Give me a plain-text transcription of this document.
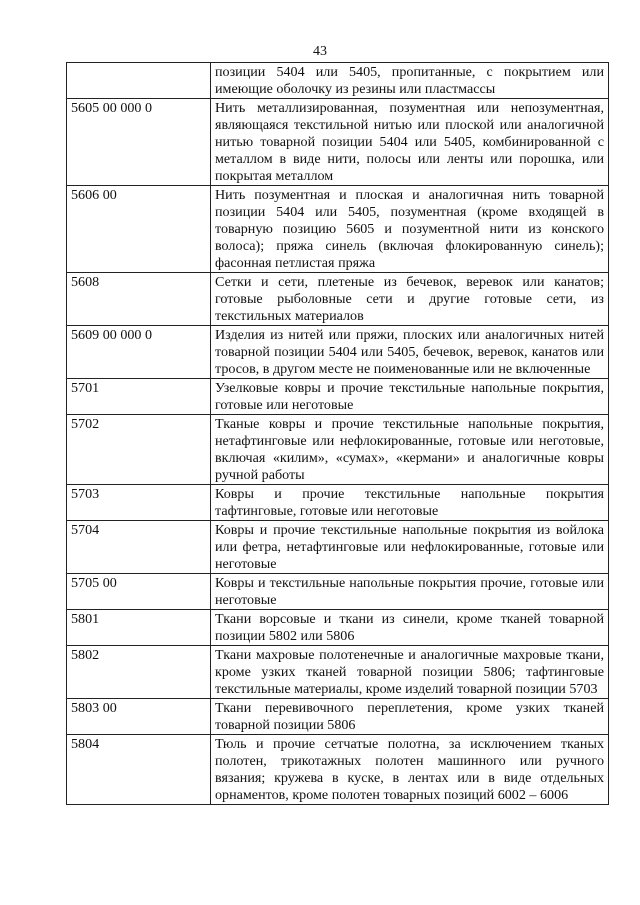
43
	позиции 5404 или 5405, пропитанные, с покрытием или имеющие оболочку из резины или пластмассы
5605 00 000 0	Нить металлизированная, позументная или непозументная, являющаяся текстильной нитью или плоской или аналогичной нитью товарной позиции 5404 или 5405, комбинированной с металлом в виде нити, полосы или ленты или порошка, или покрытая металлом
5606 00	Нить позументная и плоская и аналогичная нить товарной позиции 5404 или 5405, позументная (кроме входящей в товарную позицию 5605 и позументной нити из конского волоса); пряжа синель (включая флокированную синель); фасонная петлистая пряжа
5608	Сетки и сети, плетеные из бечевок, веревок или канатов; готовые рыболовные сети и другие готовые сети, из текстильных материалов
5609 00 000 0	Изделия из нитей или пряжи, плоских или аналогичных нитей товарной позиции 5404 или 5405, бечевок, веревок, канатов или тросов, в другом месте не поименованные или не включенные
5701	Узелковые ковры и прочие текстильные напольные покрытия, готовые или неготовые
5702	Тканые ковры и прочие текстильные напольные покрытия, нетафтинговые или нефлокированные, готовые или неготовые, включая «килим», «сумах», «кермани» и аналогичные ковры ручной работы
5703	Ковры и прочие текстильные напольные покрытия тафтинговые, готовые или неготовые
5704	Ковры и прочие текстильные напольные покрытия из войлока или фетра, нетафтинговые или нефлокированные, готовые или неготовые
5705 00	Ковры и текстильные напольные покрытия прочие, готовые или неготовые
5801	Ткани ворсовые и ткани из синели, кроме тканей товарной позиции 5802 или 5806
5802	Ткани махровые полотенечные и аналогичные махровые ткани, кроме узких тканей товарной позиции 5806; тафтинговые текстильные материалы, кроме изделий товарной позиции 5703
5803 00	Ткани перевивочного переплетения, кроме узких тканей товарной позиции 5806
5804	Тюль и прочие сетчатые полотна, за исключением тканых полотен, трикотажных полотен машинного или ручного вязания; кружева в куске, в лентах или в виде отдельных орнаментов, кроме полотен товарных позиций 6002 – 6006
